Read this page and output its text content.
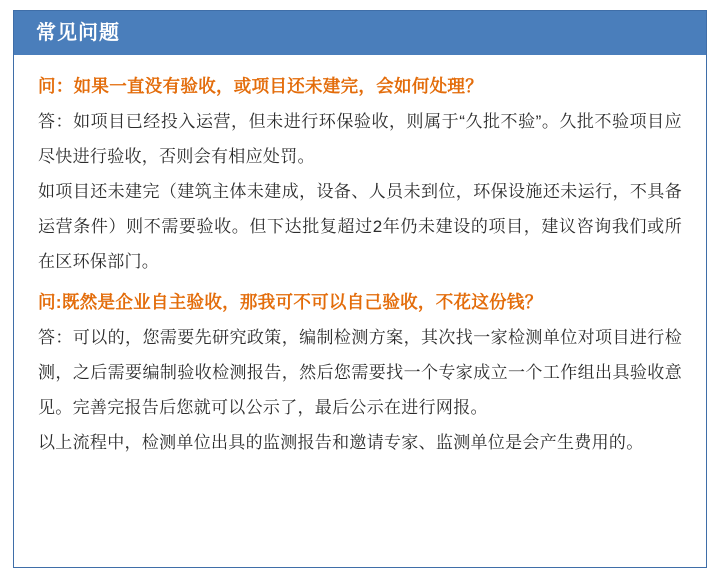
常见问题

问：如果一直没有验收，或项目还未建完，会如何处理？

答：如项目已经投入运营，但未进行环保验收，则属于“久批不验”。久批不验项目应尽快进行验收，否则会有相应处罚。

如项目还未建完（建筑主体未建成，设备、人员未到位，环保设施还未运行，不具备运营条件）则不需要验收。但下达批复超过2年仍未建设的项目，建议咨询我们或所在区环保部门。

问:既然是企业自主验收，那我可不可以自己验收，不花这份钱？

答：可以的，您需要先研究政策，编制检测方案，其次找一家检测单位对项目进行检测，之后需要编制验收检测报告，然后您需要找一个专家成立一个工作组出具验收意见。完善完报告后您就可以公示了，最后公示在进行网报。

以上流程中，检测单位出具的监测报告和邀请专家、监测单位是会产生费用的。
